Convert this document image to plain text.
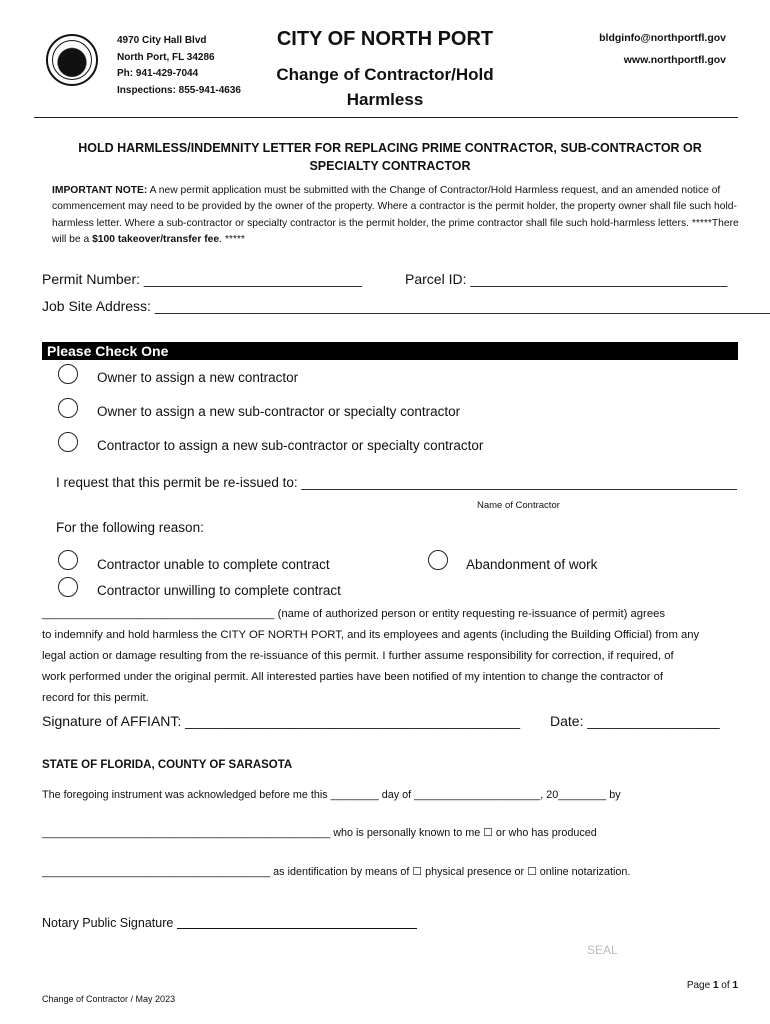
4970 City Hall Blvd
North Port, FL 34286
Ph: 941-429-7044
Inspections: 855-941-4636
CITY OF NORTH PORT
Change of Contractor/Hold
Harmless
bldginfo@northportfl.gov
www.northportfl.gov
HOLD HARMLESS/INDEMNITY LETTER FOR REPLACING PRIME CONTRACTOR, SUB-CONTRACTOR OR
SPECIALTY CONTRACTOR
IMPORTANT NOTE: A new permit application must be submitted with the Change of Contractor/Hold Harmless request, and an amended notice of commencement may need to be provided by the owner of the property. Where a contractor is the permit holder, the property owner shall file such hold-harmless letter. Where a sub-contractor or specialty contractor is the permit holder, the prime contractor shall file such hold-harmless letters. *****There will be a $100 takeover/transfer fee. *****
Permit Number: ____________________________	Parcel ID: _________________________________
Job Site Address: _______________________________________________________________________________
Please Check One
Owner to assign a new contractor
Owner to assign a new sub-contractor or specialty contractor
Contractor to assign a new sub-contractor or specialty contractor
I request that this permit be re-issued to: __________________________________________________________
Name of Contractor
For the following reason:
Contractor unable to complete contract	Abandonment of work
Contractor unwilling to complete contract
_____________________________________ (name of authorized person or entity requesting re-issuance of permit) agrees
to indemnify and hold harmless the CITY OF NORTH PORT, and its employees and agents (including the Building Official) from any
legal action or damage resulting from the re-issuance of this permit. I further assume responsibility for correction, if required, of
work performed under the original permit. All interested parties have been notified of my intention to change the contractor of
record for this permit.
Signature of AFFIANT: ___________________________________________ Date: _________________
STATE OF FLORIDA, COUNTY OF SARASOTA
The foregoing instrument was acknowledged before me this ________ day of _____________________, 20________ by
________________________________________________ who is personally known to me ☐ or who has produced
______________________________________ as identification by means of ☐ physical presence or ☐ online notarization.
Notary Public Signature
SEAL
Page 1 of 1
Change of Contractor / May 2023
